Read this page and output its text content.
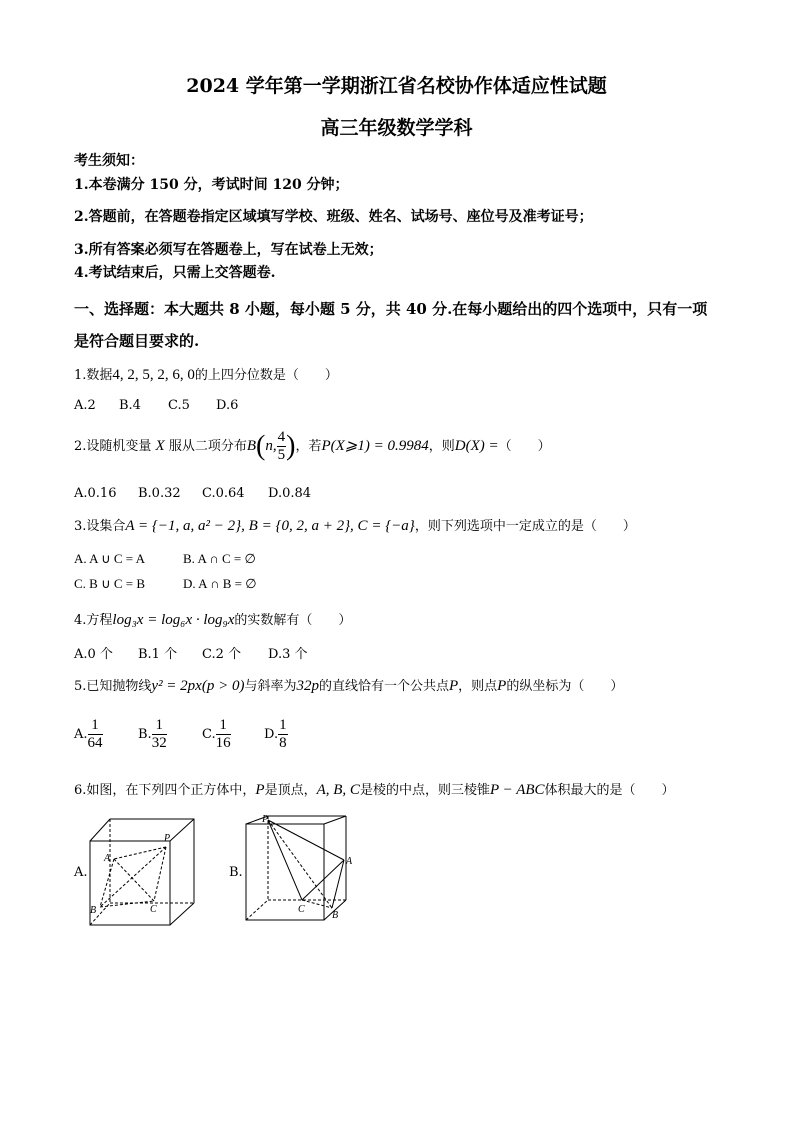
2024 学年第一学期浙江省名校协作体适应性试题
高三年级数学学科
考生须知：
1.本卷满分 150 分，考试时间 120 分钟；
2.答题前，在答题卷指定区域填写学校、班级、姓名、试场号、座位号及准考证号；
3.所有答案必须写在答题卷上，写在试卷上无效；
4.考试结束后，只需上交答题卷.
一、选择题：本大题共 8 小题，每小题 5 分，共 40 分.在每小题给出的四个选项中，只有一项
是符合题目要求的.
1.数据4, 2, 5, 2, 6, 0的上四分位数是（　　）
A.2 B.4 C.5 D.6
2.设随机变量 X 服从二项分布B(n, $\frac{4}{5}$ )，若P(X⩾1) = 0.9984，则D(X) =（　　）
A.0.16 B.0.32 C.0.64 D.0.84
3.设集合A = {−1, a, a² − 2}, B = {0, 2, a + 2}, C = {−a}，则下列选项中一定成立的是（　　）
A. A ∪ C = A	B. A ∩ C = ∅
C. B ∪ C = B	D. A ∩ B = ∅
4.方程log₃x = log₆x · log₉x的实数解有（　　）
A.0 个 B.1 个 C.2 个 D.3 个
5.已知抛物线y² = 2px(p > 0)与斜率为32p的直线恰有一个公共点P，则点P的纵坐标为（　　）
A. $\frac{1}{64}$	B. $\frac{1}{32}$	C. $\frac{1}{16}$	D. $\frac{1}{8}$
6.如图，在下列四个正方体中，P是顶点，A, B, C是棱的中点，则三棱锥P − ABC体积最大的是（　　）
A.
P
A
B	C
B.
P
A
B
C
